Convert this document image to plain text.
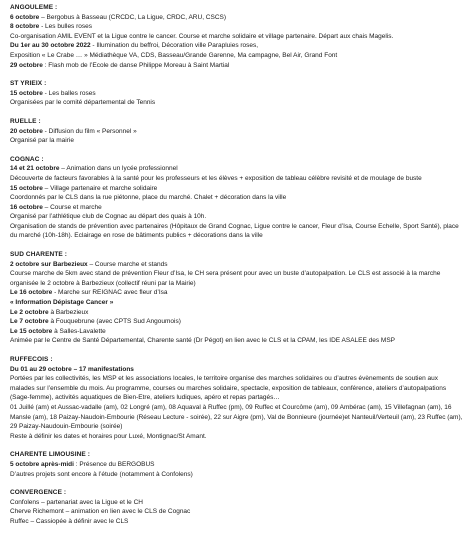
ANGOULEME :
6 octobre – Bergobus à Basseau (CRCDC, La Ligue, CRDC, ARU, CSCS)
8 octobre - Les bulles roses
Co-organisation AMIL EVENT et la Ligue contre le cancer. Course et marche solidaire et village partenaire. Départ aux chais Magelis.
Du 1er au 30 octobre 2022 - Illumination du beffroi, Décoration ville Parapluies roses,
Exposition « Le Crabe … » Médiathèque VA, CDS, Basseau/Grande Garenne, Ma campagne, Bel Air, Grand Font
29 octobre : Flash mob de l’Ecole de danse Philippe Moreau à Saint Martial
ST YRIEIX :
15 octobre - Les balles roses
Organisées par le comité départemental de Tennis
RUELLE :
20 octobre - Diffusion du film « Personnel »
Organisé par la mairie
COGNAC :
14 et 21 octobre – Animation dans un lycée professionnel
Découverte de facteurs favorables à la santé pour les professeurs et les élèves + exposition de tableau célèbre revisité et de moulage de buste
15 octobre – Village partenaire et marche solidaire
Coordonnés par le CLS dans la rue piétonne, place du marché. Chalet + décoration dans la ville
16 octobre – Course et marche
Organisé par l’athlétique club de Cognac au départ des quais à 10h.
Organisation de stands de prévention avec partenaires (Hôpitaux de Grand Cognac, Ligue contre le cancer, Fleur d’Isa, Course Echelle, Sport Santé), place du marché (10h-18h). Eclairage en rose de bâtiments publics + décorations dans la ville
SUD CHARENTE :
2 octobre sur Barbezieux – Course marche et stands
Course marche de 5km avec stand de prévention Fleur d’Isa, le CH sera présent pour avec un buste d’autopalpation. Le CLS est associé à la marche organisée le 2 octobre à Barbezieux (collectif réuni par la Mairie)
Le 16 octobre - Marche sur REIGNAC avec fleur d’Isa
« Information Dépistage Cancer »
Le 2 octobre à Barbezieux
Le 7 octobre à Fouquebrune (avec CPTS Sud Angoumois)
Le 15 octobre à Salles-Lavalette
Animée par le Centre de Santé Départemental, Charente santé (Dr Pégot) en lien avec le CLS et la CPAM, les IDE ASALEE des MSP
RUFFECOIS :
Du 01 au 29 octobre – 17 manifestations
Portées par les collectivités, les MSP et les associations locales, le territoire organise des marches solidaires ou d’autres évènements de soutien aux malades sur l’ensemble du mois. Au programme, courses ou marches solidaire, spectacle, exposition de tableaux, conférence, ateliers d’autopalpations (Sage-femme), activités aquatiques de Bien-Etre, ateliers ludiques, apéro et repas partagés…
01 Juillé (am) et Aussac-vadalle (am), 02 Longré (am), 08 Aquaval à Ruffec (pm), 09 Ruffec et Courcôme (am), 09 Ambérac (am), 15 Villefagnan (am), 16 Mansle (am), 18 Paizay-Naudoin-Embourie (Réseau Lecture - soirée), 22 sur Aigre (pm), Val de Bonnieure (journée)et Nanteuil/Verteuil (am), 23 Ruffec (am), 29 Paizay-Naudouin-Embourie (soirée)
Reste à définir les dates et horaires pour Luxé, Montignac/St Amant.
CHARENTE LIMOUSINE :
5 octobre après-midi : Présence du BERGOBUS
D’autres projets sont encore à l’étude (notamment à Confolens)
CONVERGENCE :
Confolens – partenariat avec la Ligue et le CH
Cherve Richemont – animation en lien avec le CLS de Cognac
Ruffec – Cassiopée à définir avec le CLS
